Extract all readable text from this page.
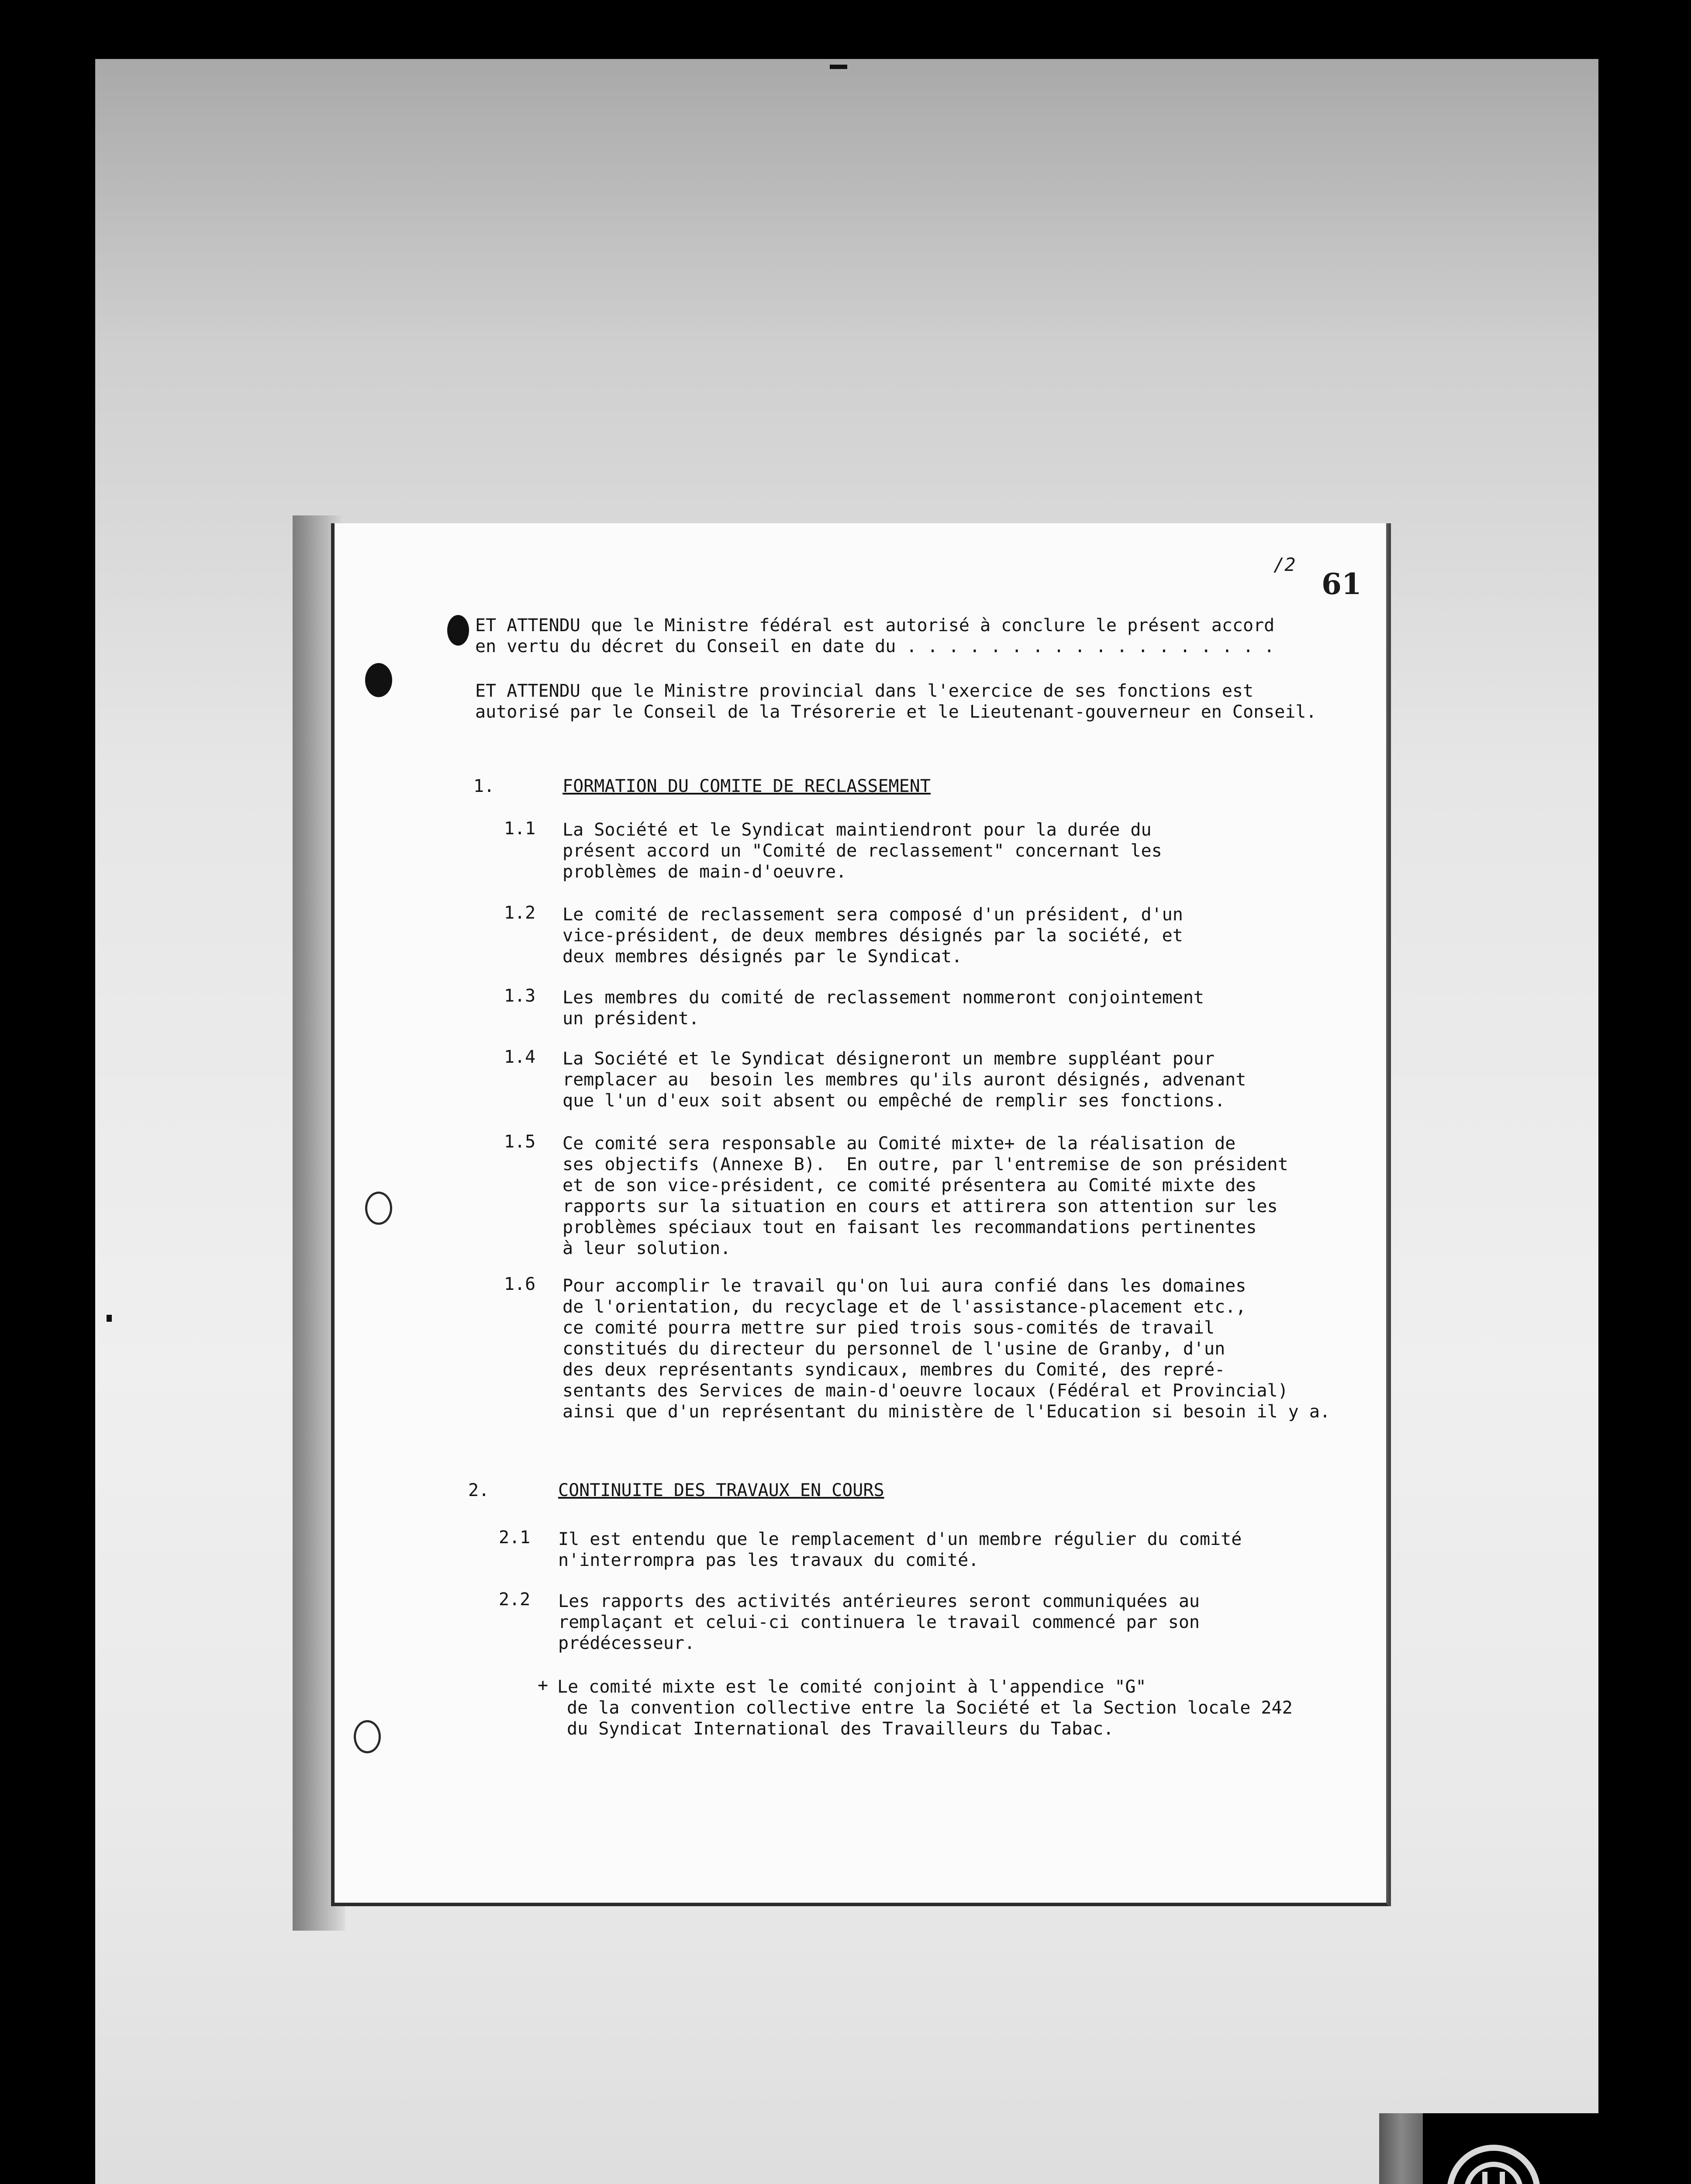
/2
61
ET ATTENDU que le Ministre fédéral est autorisé à conclure le présent accord
en vertu du décret du Conseil en date du . . . . . . . . . . . . . . . . . .
ET ATTENDU que le Ministre provincial dans l'exercice de ses fonctions est
autorisé par le Conseil de la Trésorerie et le Lieutenant-gouverneur en Conseil.
1.	FORMATION DU COMITE DE RECLASSEMENT
1.1 La Société et le Syndicat maintiendront pour la durée du
présent accord un "Comité de reclassement" concernant les
problèmes de main-d'oeuvre.
1.2 Le comité de reclassement sera composé d'un président, d'un
vice-président, de deux membres désignés par la société, et
deux membres désignés par le Syndicat.
1.3 Les membres du comité de reclassement nommeront conjointement
un président.
1.4 La Société et le Syndicat désigneront un membre suppléant pour
remplacer au  besoin les membres qu'ils auront désignés, advenant
que l'un d'eux soit absent ou empêché de remplir ses fonctions.
1.5 Ce comité sera responsable au Comité mixte+ de la réalisation de
ses objectifs (Annexe B).  En outre, par l'entremise de son président
et de son vice-président, ce comité présentera au Comité mixte des
rapports sur la situation en cours et attirera son attention sur les
problèmes spéciaux tout en faisant les recommandations pertinentes
à leur solution.
1.6 Pour accomplir le travail qu'on lui aura confié dans les domaines
de l'orientation, du recyclage et de l'assistance-placement etc.,
ce comité pourra mettre sur pied trois sous-comités de travail
constitués du directeur du personnel de l'usine de Granby, d'un
des deux représentants syndicaux, membres du Comité, des repré-
sentants des Services de main-d'oeuvre locaux (Fédéral et Provincial)
ainsi que d'un représentant du ministère de l'Education si besoin il y a.
2.	CONTINUITE DES TRAVAUX EN COURS
2.1 Il est entendu que le remplacement d'un membre régulier du comité
n'interrompra pas les travaux du comité.
2.2 Les rapports des activités antérieures seront communiquées au
remplaçant et celui-ci continuera le travail commencé par son
prédécesseur.
+ Le comité mixte est le comité conjoint à l'appendice "G"
de la convention collective entre la Société et la Section locale 242
du Syndicat International des Travailleurs du Tabac.
